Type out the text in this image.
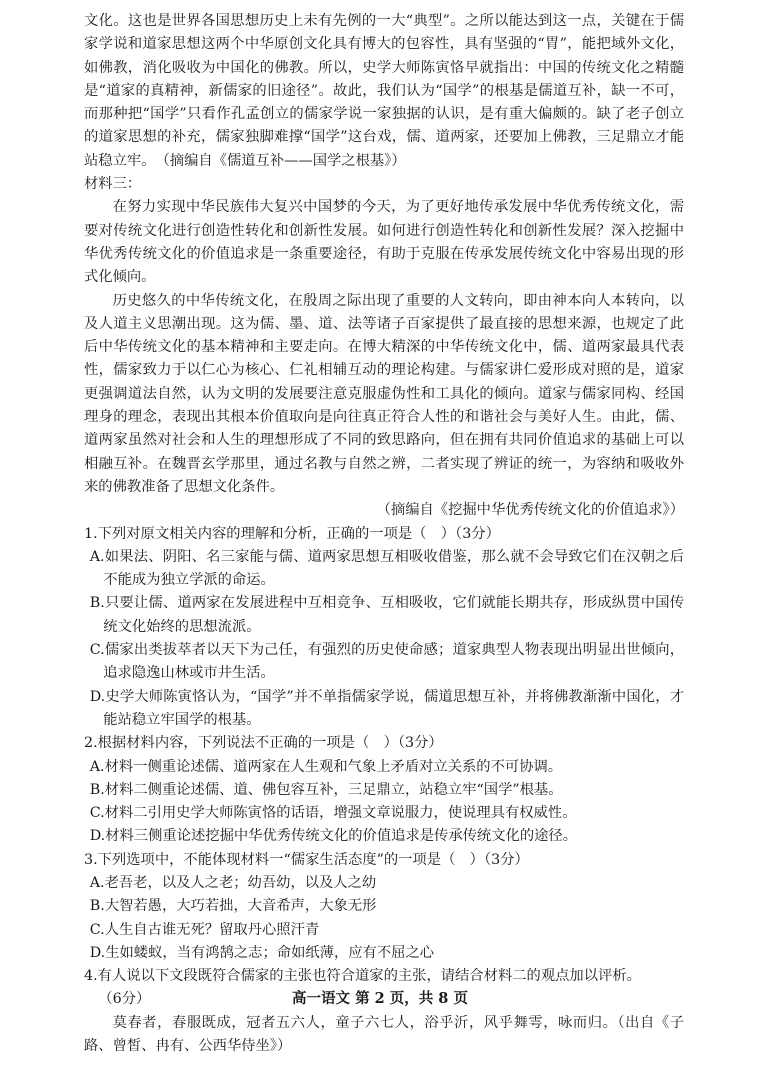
文化。这也是世界各国思想历史上未有先例的一大“典型”。之所以能达到这一点，关键在于儒家学说和道家思想这两个中华原创文化具有博大的包容性，具有坚强的“胃”，能把域外文化，如佛教，消化吸收为中国化的佛教。所以，史学大师陈寅恪早就指出：中国的传统文化之精髓是“道家的真精神，新儒家的旧途径”。故此，我们认为“国学”的根基是儒道互补，缺一不可，而那种把“国学”只看作孔孟创立的儒家学说一家独据的认识，是有重大偏颇的。缺了老子创立的道家思想的补充，儒家独脚难撑“国学”这台戏，儒、道两家，还要加上佛教，三足鼎立才能站稳立牢。　（摘编自《儒道互补——国学之根基》）

材料三：

在努力实现中华民族伟大复兴中国梦的今天，为了更好地传承发展中华优秀传统文化，需要对传统文化进行创造性转化和创新性发展。如何进行创造性转化和创新性发展？深入挖掘中华优秀传统文化的价值追求是一条重要途径，有助于克服在传承发展传统文化中容易出现的形式化倾向。

历史悠久的中华传统文化，在殷周之际出现了重要的人文转向，即由神本向人本转向，以及人道主义思潮出现。这为儒、墨、道、法等诸子百家提供了最直接的思想来源，也规定了此后中华传统文化的基本精神和主要走向。在博大精深的中华传统文化中，儒、道两家最具代表性，儒家致力于以仁心为核心、仁礼相辅互动的理论构建。与儒家讲仁爱形成对照的是，道家更强调道法自然，认为文明的发展要注意克服虚伪性和工具化的倾向。道家与儒家同构、经国理身的理念，表现出其根本价值取向是向往真正符合人性的和谐社会与美好人生。由此，儒、道两家虽然对社会和人生的理想形成了不同的致思路向，但在拥有共同价值追求的基础上可以相融互补。在魏晋玄学那里，通过名教与自然之辨，二者实现了辨证的统一，为容纳和吸收外来的佛教准备了思想文化条件。

（摘编自《挖掘中华优秀传统文化的价值追求》）

1.下列对原文相关内容的理解和分析，正确的一项是（　）（3分）

A.如果法、阴阳、名三家能与儒、道两家思想互相吸收借鉴，那么就不会导致它们在汉朝之后不能成为独立学派的命运。

B.只要让儒、道两家在发展进程中互相竞争、互相吸收，它们就能长期共存，形成纵贯中国传统文化始终的思想流派。

C.儒家出类拔萃者以天下为己任，有强烈的历史使命感；道家典型人物表现出明显出世倾向，追求隐逸山林或市井生活。

D.史学大师陈寅恪认为，“国学”并不单指儒家学说，儒道思想互补，并将佛教渐渐中国化，才能站稳立牢国学的根基。

2.根据材料内容，下列说法不正确的一项是（　）（3分）

A.材料一侧重论述儒、道两家在人生观和气象上矛盾对立关系的不可协调。

B.材料二侧重论述儒、道、佛包容互补，三足鼎立，站稳立牢“国学”根基。

C.材料二引用史学大师陈寅恪的话语，增强文章说服力，使说理具有权威性。

D.材料三侧重论述挖掘中华优秀传统文化的价值追求是传承传统文化的途径。

3.下列选项中，不能体现材料一“儒家生活态度”的一项是（　）（3分）

A.老吾老，以及人之老；幼吾幼，以及人之幼

B.大智若愚，大巧若拙，大音希声，大象无形

C.人生自古谁无死？留取丹心照汗青

D.生如蝼蚁，当有鸿鹄之志；命如纸薄，应有不屈之心

4.有人说以下文段既符合儒家的主张也符合道家的主张，请结合材料二的观点加以评析。

（6分）

莫春者，春服既成，冠者五六人，童子六七人，浴乎沂，风乎舞雩，咏而归。（出自《子路、曾皙、冉有、公西华侍坐》）

高一语文 第 2 页，共 8 页
